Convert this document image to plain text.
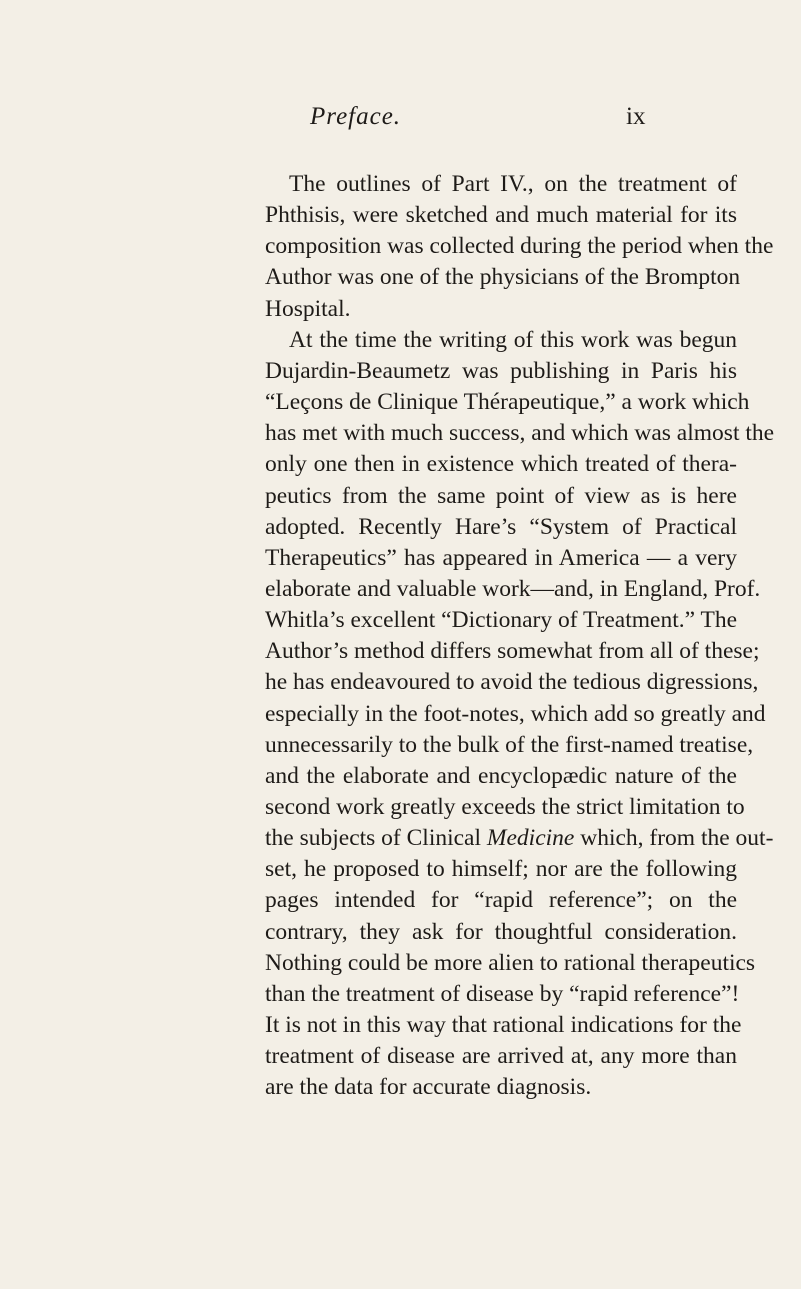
Preface.	ix
The outlines of Part IV., on the treatment of
Phthisis, were sketched and much material for its
composition was collected during the period when the
Author was one of the physicians of the Brompton
Hospital.
At the time the writing of this work was begun
Dujardin-Beaumetz was publishing in Paris his
“Leçons de Clinique Thérapeutique,” a work which
has met with much success, and which was almost the
only one then in existence which treated of thera-
peutics from the same point of view as is here
adopted. Recently Hare’s “System of Practical
Therapeutics” has appeared in America — a very
elaborate and valuable work—and, in England, Prof.
Whitla’s excellent “Dictionary of Treatment.” The
Author’s method differs somewhat from all of these;
he has endeavoured to avoid the tedious digressions,
especially in the foot-notes, which add so greatly and
unnecessarily to the bulk of the first-named treatise,
and the elaborate and encyclopædic nature of the
second work greatly exceeds the strict limitation to
the subjects of Clinical Medicine which, from the out-
set, he proposed to himself; nor are the following
pages intended for “rapid reference”; on the
contrary, they ask for thoughtful consideration.
Nothing could be more alien to rational therapeutics
than the treatment of disease by “rapid reference”!
It is not in this way that rational indications for the
treatment of disease are arrived at, any more than
are the data for accurate diagnosis.
